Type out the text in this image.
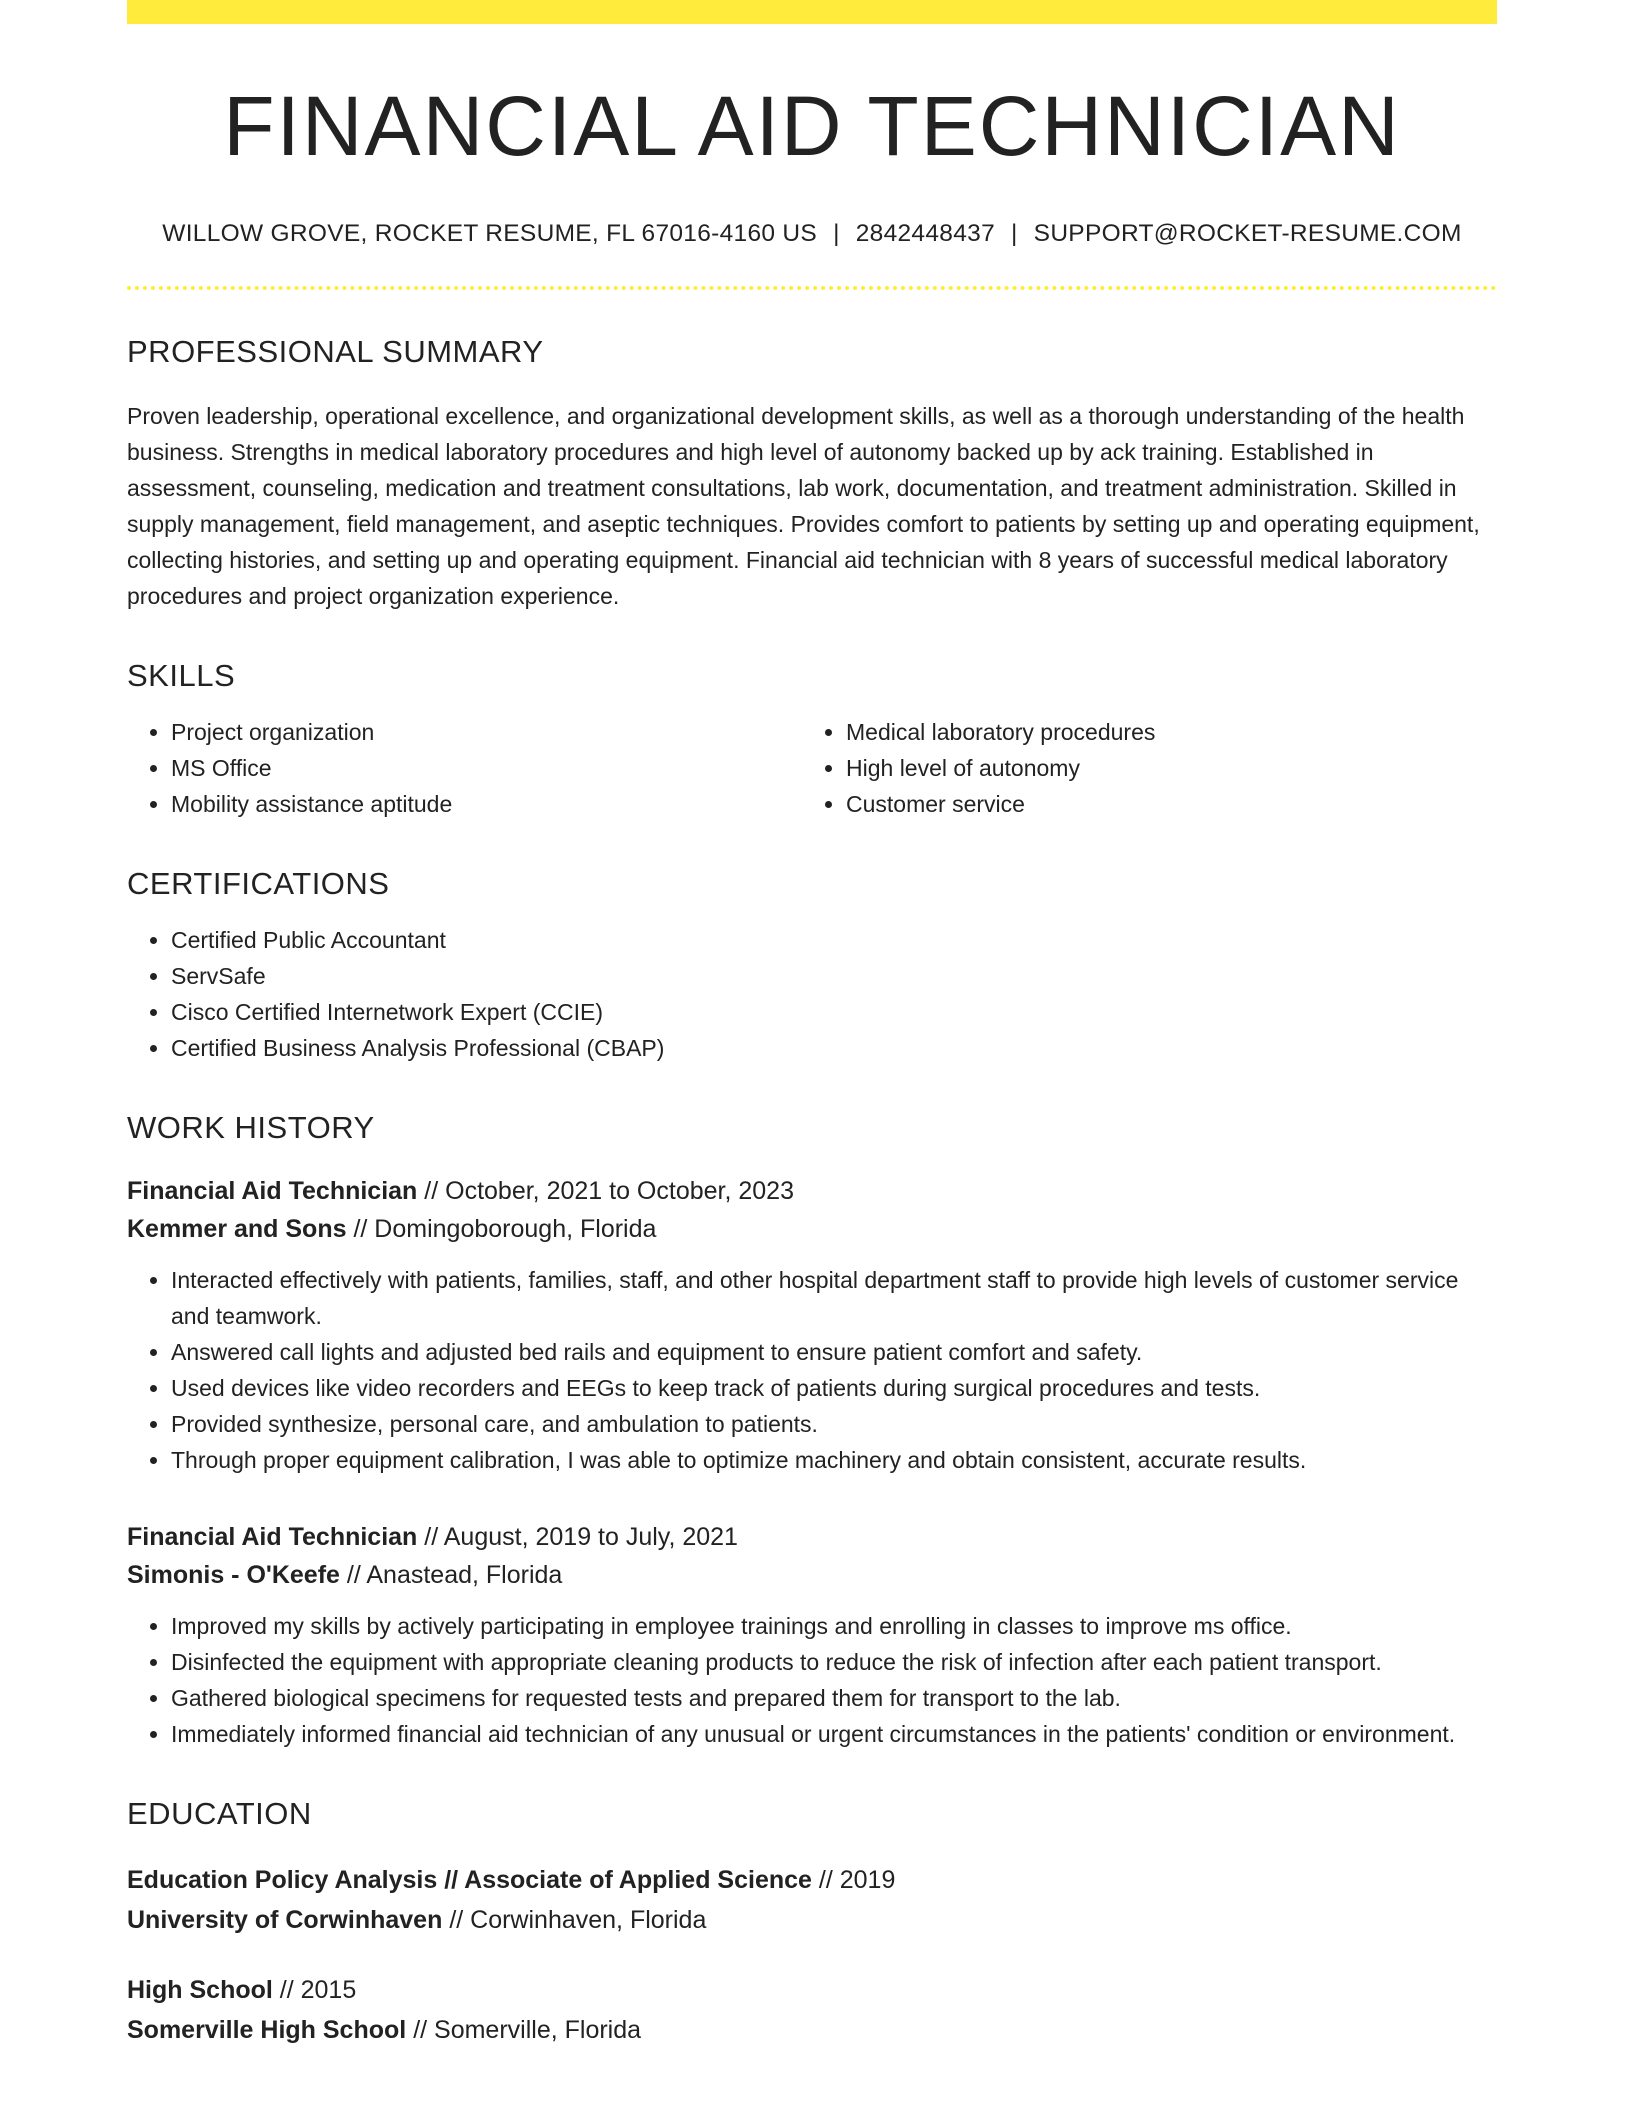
FINANCIAL AID TECHNICIAN
WILLOW GROVE, ROCKET RESUME, FL 67016-4160 US | 2842448437 | SUPPORT@ROCKET-RESUME.COM
PROFESSIONAL SUMMARY
Proven leadership, operational excellence, and organizational development skills, as well as a thorough understanding of the health business. Strengths in medical laboratory procedures and high level of autonomy backed up by ack training. Established in assessment, counseling, medication and treatment consultations, lab work, documentation, and treatment administration. Skilled in supply management, field management, and aseptic techniques. Provides comfort to patients by setting up and operating equipment, collecting histories, and setting up and operating equipment. Financial aid technician with 8 years of successful medical laboratory procedures and project organization experience.
SKILLS
• Project organization
• MS Office
• Mobility assistance aptitude
• Medical laboratory procedures
• High level of autonomy
• Customer service
CERTIFICATIONS
• Certified Public Accountant
• ServSafe
• Cisco Certified Internetwork Expert (CCIE)
• Certified Business Analysis Professional (CBAP)
WORK HISTORY
Financial Aid Technician // October, 2021 to October, 2023
Kemmer and Sons // Domingoborough, Florida
• Interacted effectively with patients, families, staff, and other hospital department staff to provide high levels of customer service and teamwork.
• Answered call lights and adjusted bed rails and equipment to ensure patient comfort and safety.
• Used devices like video recorders and EEGs to keep track of patients during surgical procedures and tests.
• Provided synthesize, personal care, and ambulation to patients.
• Through proper equipment calibration, I was able to optimize machinery and obtain consistent, accurate results.
Financial Aid Technician // August, 2019 to July, 2021
Simonis - O'Keefe // Anastead, Florida
• Improved my skills by actively participating in employee trainings and enrolling in classes to improve ms office.
• Disinfected the equipment with appropriate cleaning products to reduce the risk of infection after each patient transport.
• Gathered biological specimens for requested tests and prepared them for transport to the lab.
• Immediately informed financial aid technician of any unusual or urgent circumstances in the patients' condition or environment.
EDUCATION
Education Policy Analysis // Associate of Applied Science // 2019
University of Corwinhaven // Corwinhaven, Florida
High School // 2015
Somerville High School // Somerville, Florida
